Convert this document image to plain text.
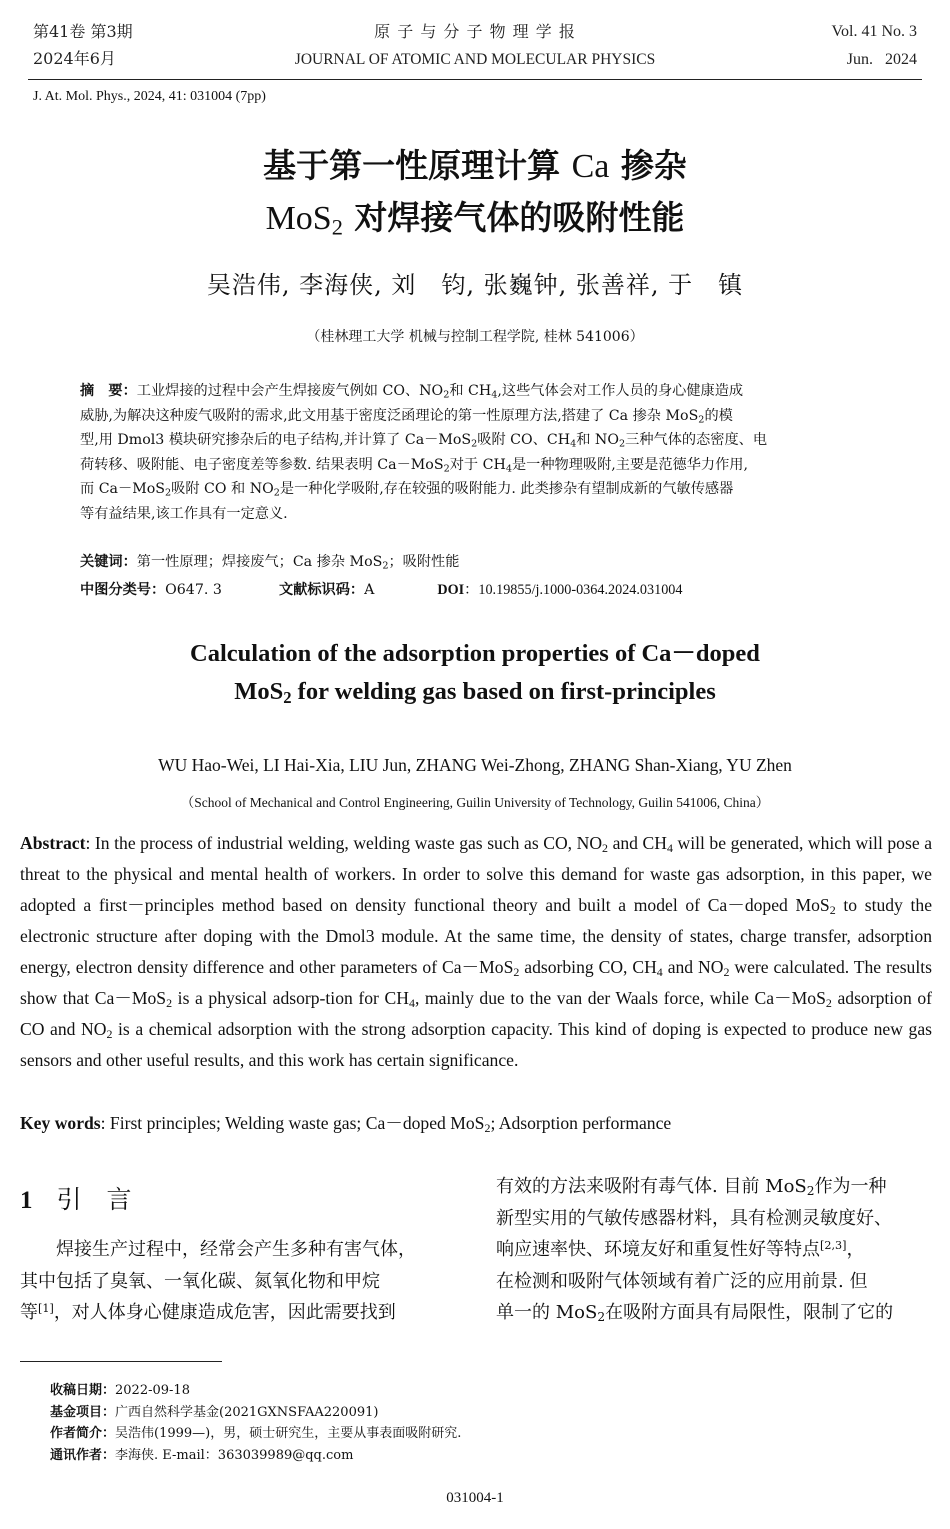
第41卷 第3期
2024年6月
原 子 与 分 子 物 理 学 报
JOURNAL OF ATOMIC AND MOLECULAR PHYSICS
Vol. 41 No. 3
Jun.   2024
J. At. Mol. Phys., 2024, 41: 031004 (7pp)
基于第一性原理计算 Ca 掺杂
MoS$_2$ 对焊接气体的吸附性能
吴浩伟, 李海侠, 刘　钧, 张巍钟, 张善祥, 于　镇
（桂林理工大学 机械与控制工程学院, 桂林 541006）
摘　要：工业焊接的过程中会产生焊接废气例如 CO、$NO_2$和 $CH_4$,这些气体会对工作人员的身心健康造成
威胁,为解决这种废气吸附的需求,此文用基于密度泛函理论的第一性原理方法,搭建了 Ca 掺杂 MoS$_2$的模
型,用 Dmol3 模块研究掺杂后的电子结构,并计算了 Ca－MoS$_2$吸附 CO、$CH_4$和 $NO_2$三种气体的态密度、电
荷转移、吸附能、电子密度差等参数. 结果表明 Ca－MoS$_2$对于 $CH_4$是一种物理吸附,主要是范德华力作用,
而 Ca－MoS$_2$吸附 CO 和 $NO_2$是一种化学吸附,存在较强的吸附能力. 此类掺杂有望制成新的气敏传感器
等有益结果,该工作具有一定意义.
关键词：第一性原理；焊接废气；Ca 掺杂 MoS$_2$；吸附性能
中图分类号：O647. 3	文献标识码：A	DOI：10.19855/j.1000-0364.2024.031004
Calculation of the adsorption properties of Ca－doped
MoS$_2$ for welding gas based on first-principles
WU Hao-Wei, LI Hai-Xia, LIU Jun, ZHANG Wei-Zhong, ZHANG Shan-Xiang, YU Zhen
（School of Mechanical and Control Engineering, Guilin University of Technology, Guilin 541006, China）
Abstract: In the process of industrial welding, welding waste gas such as CO, $NO_2$ and $CH_4$ will be generated, which will pose a threat to the physical and mental health of workers. In order to solve this demand for waste gas adsorption, in this paper, we adopted a first－principles method based on density functional theory and built a model of Ca－doped MoS$_2$ to study the electronic structure after doping with the Dmol3 module. At the same time, the density of states, charge transfer, adsorption energy, electron density difference and other parameters of Ca－MoS$_2$ adsorbing CO, $CH_4$ and $NO_2$ were calculated. The results show that Ca－MoS$_2$ is a physical adsorp-tion for $CH_4$, mainly due to the van der Waals force, while Ca－MoS$_2$ adsorption of CO and $NO_2$ is a chemical adsorption with the strong adsorption capacity. This kind of doping is expected to produce new gas sensors and other useful results, and this work has certain significance.
Key words: First principles; Welding waste gas; Ca－doped MoS$_2$; Adsorption performance
1 引　言
焊接生产过程中，经常会产生多种有害气体，
其中包括了臭氧、一氧化碳、氮氧化物和甲烷
等[1]，对人体身心健康造成危害，因此需要找到
有效的方法来吸附有毒气体. 目前 MoS$_2$作为一种
新型实用的气敏传感器材料，具有检测灵敏度好、
响应速率快、环境友好和重复性好等特点[2,3]，
在检测和吸附气体领域有着广泛的应用前景. 但
单一的 MoS$_2$在吸附方面具有局限性，限制了它的
收稿日期：2022-09-18
基金项目：广西自然科学基金(2021GXNSFAA220091)
作者简介：吴浩伟(1999—)，男，硕士研究生，主要从事表面吸附研究.
通讯作者：李海侠. E-mail：363039989@qq.com
031004-1
